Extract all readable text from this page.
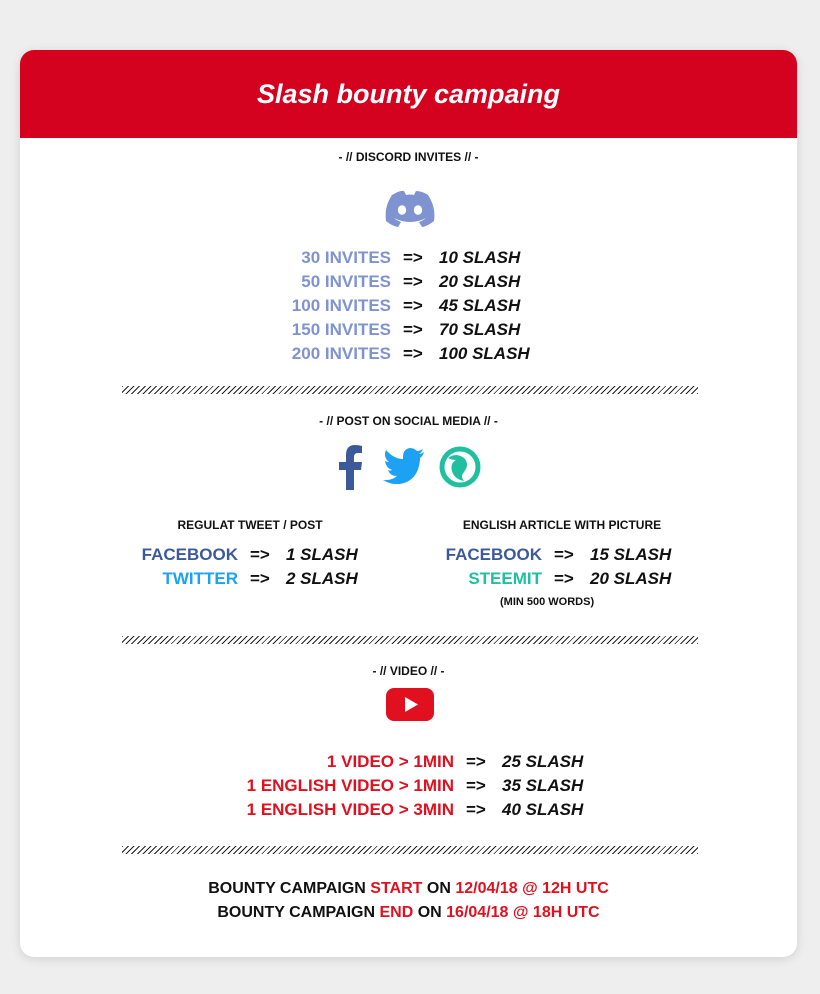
Slash bounty campaing
- // DISCORD INVITES // -
30 INVITES => 10 SLASH
50 INVITES => 20 SLASH
100 INVITES => 45 SLASH
150 INVITES => 70 SLASH
200 INVITES => 100 SLASH
- // POST ON SOCIAL MEDIA // -
REGULAT TWEET / POST	ENGLISH ARTICLE WITH PICTURE
FACEBOOK => 1 SLASH	FACEBOOK => 15 SLASH
TWITTER => 2 SLASH	STEEMIT => 20 SLASH
(MIN 500 WORDS)
- // VIDEO // -
1 VIDEO > 1MIN => 25 SLASH
1 ENGLISH VIDEO > 1MIN => 35 SLASH
1 ENGLISH VIDEO > 3MIN => 40 SLASH
BOUNTY CAMPAIGN START ON 12/04/18 @ 12H UTC
BOUNTY CAMPAIGN END ON 16/04/18 @ 18H UTC
